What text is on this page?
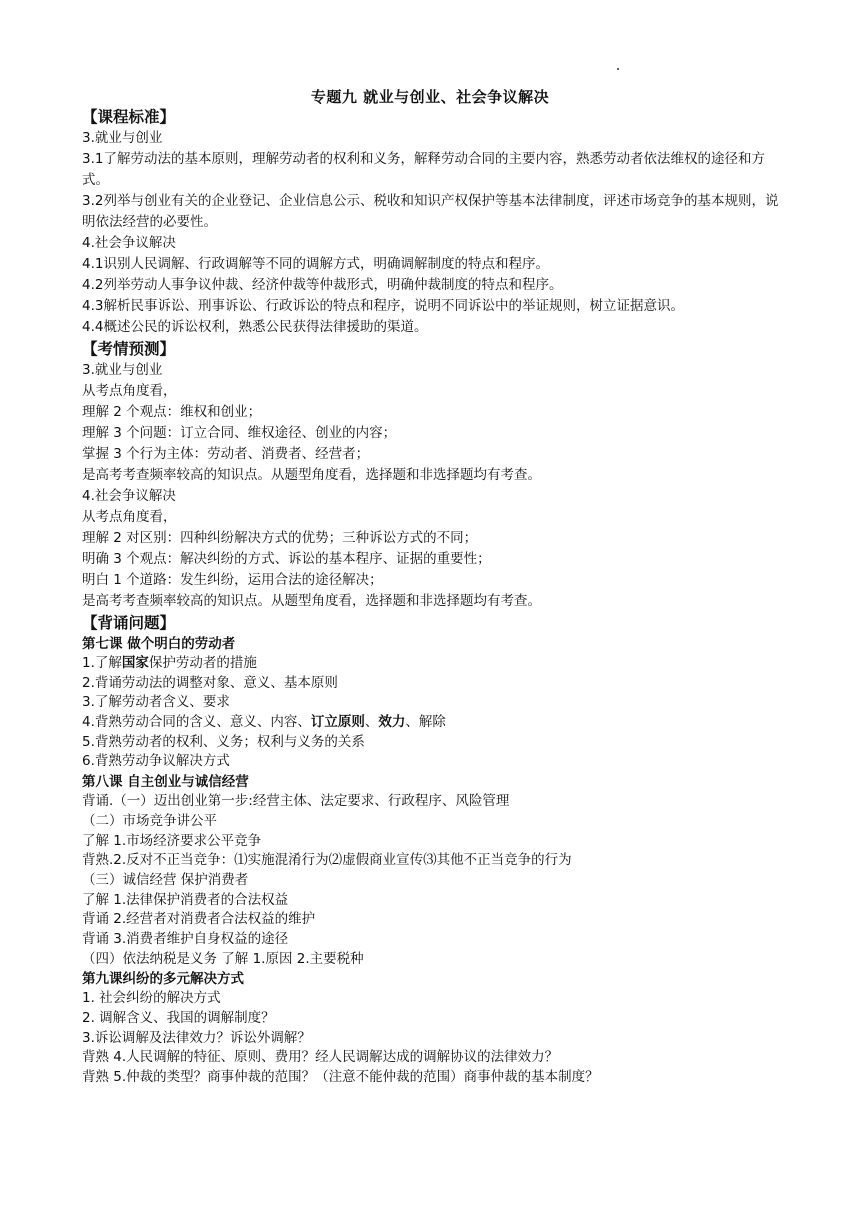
专题九 就业与创业、社会争议解决
【课程标准】
3.就业与创业
3.1了解劳动法的基本原则，理解劳动者的权利和义务，解释劳动合同的主要内容，熟悉劳动者依法维权的途径和方式。
3.2列举与创业有关的企业登记、企业信息公示、税收和知识产权保护等基本法律制度，评述市场竞争的基本规则，说明依法经营的必要性。
4.社会争议解决
4.1识别人民调解、行政调解等不同的调解方式，明确调解制度的特点和程序。
4.2列举劳动人事争议仲裁、经济仲裁等仲裁形式，明确仲裁制度的特点和程序。
4.3解析民事诉讼、刑事诉讼、行政诉讼的特点和程序，说明不同诉讼中的举证规则，树立证据意识。
4.4概述公民的诉讼权利，熟悉公民获得法律援助的渠道。
【考情预测】
3.就业与创业
从考点角度看，
理解 2 个观点：维权和创业；
理解 3 个问题：订立合同、维权途径、创业的内容；
掌握 3 个行为主体：劳动者、消费者、经营者；
是高考考查频率较高的知识点。从题型角度看，选择题和非选择题均有考查。
4.社会争议解决
从考点角度看，
理解 2 对区别：四种纠纷解决方式的优势；三种诉讼方式的不同；
明确 3 个观点：解决纠纷的方式、诉讼的基本程序、证据的重要性；
明白 1 个道路：发生纠纷，运用合法的途径解决；
是高考考查频率较高的知识点。从题型角度看，选择题和非选择题均有考查。
【背诵问题】
第七课 做个明白的劳动者
1.了解国家保护劳动者的措施
2.背诵劳动法的调整对象、意义、基本原则
3.了解劳动者含义、要求
4.背熟劳动合同的含义、意义、内容、订立原则、效力、解除
5.背熟劳动者的权利、义务；权利与义务的关系
6.背熟劳动争议解决方式
第八课 自主创业与诚信经营
背诵.（一）迈出创业第一步:经营主体、法定要求、行政程序、风险管理
（二）市场竞争讲公平
了解 1.市场经济要求公平竞争
背熟.2.反对不正当竞争：⑴实施混淆行为⑵虚假商业宣传⑶其他不正当竞争的行为
（三）诚信经营 保护消费者
了解 1.法律保护消费者的合法权益
背诵 2.经营者对消费者合法权益的维护
背诵 3.消费者维护自身权益的途径
（四）依法纳税是义务 了解 1.原因 2.主要税种
第九课纠纷的多元解决方式
1. 社会纠纷的解决方式
2. 调解含义、我国的调解制度？
3.诉讼调解及法律效力？诉讼外调解？
背熟 4.人民调解的特征、原则、费用？经人民调解达成的调解协议的法律效力？
背熟 5.仲裁的类型？商事仲裁的范围？（注意不能仲裁的范围）商事仲裁的基本制度？
